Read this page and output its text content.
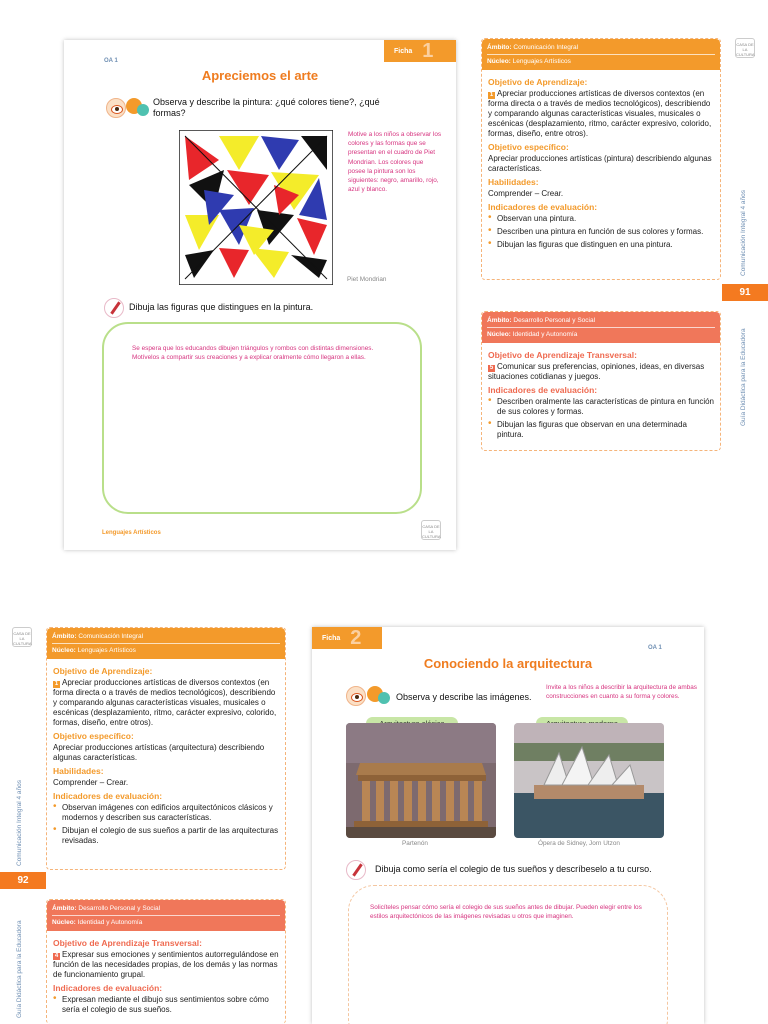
Ficha 1
OA 1
Apreciemos el arte
Observa y describe la pintura: ¿qué colores tiene?, ¿qué formas?
Motive a los niños a observar los colores y las formas que se presentan en el cuadro de Piet Mondrian. Los colores que posee la pintura son los siguientes: negro, amarillo, rojo, azul y blanco.
Piet Mondrian
Dibuja las figuras que distingues en la pintura.
Se espera que los educandos dibujen triángulos y rombos con distintas dimensiones. Motívelos a compartir sus creaciones y a explicar oralmente cómo llegaron a ellas.
Lenguajes Artísticos
CASA DE LA CULTURA
Ámbito: Comunicación Integral
Núcleo: Lenguajes Artísticos
Objetivo de Aprendizaje:
1 Apreciar producciones artísticas de diversos contextos (en forma directa o a través de medios tecnológicos), describiendo y comparando algunas características visuales, musicales o escénicas (desplazamiento, ritmo, carácter expresivo, colorido, formas, diseño, entre otros).
Objetivo específico:
Apreciar producciones artísticas (pintura) describiendo algunas características.
Habilidades:
Comprender – Crear.
Indicadores de evaluación:
• Observan una pintura.
• Describen una pintura en función de sus colores y formas.
• Dibujan las figuras que distinguen en una pintura.
Ámbito: Desarrollo Personal y Social
Núcleo: Identidad y Autonomía
Objetivo de Aprendizaje Transversal:
5 Comunicar sus preferencias, opiniones, ideas, en diversas situaciones cotidianas y juegos.
Indicadores de evaluación:
• Describen oralmente las características de pintura en función de sus colores y formas.
• Dibujan las figuras que observan en una determinada pintura.
CASA DE LA CULTURA
Comunicación Integral 4 años
91
Guía Didáctica para la Educadora
Ámbito: Comunicación Integral
Núcleo: Lenguajes Artísticos
Objetivo de Aprendizaje:
1 Apreciar producciones artísticas de diversos contextos (en forma directa o a través de medios tecnológicos), describiendo y comparando algunas características visuales, musicales o escénicas (desplazamiento, ritmo, carácter expresivo, colorido, formas, diseño, entre otros).
Objetivo específico:
Apreciar producciones artísticas (arquitectura) describiendo algunas características.
Habilidades:
Comprender – Crear.
Indicadores de evaluación:
• Observan imágenes con edificios arquitectónicos clásicos y modernos y describen sus características.
• Dibujan el colegio de sus sueños a partir de las arquitecturas revisadas.
Ámbito: Desarrollo Personal y Social
Núcleo: Identidad y Autonomía
Objetivo de Aprendizaje Transversal:
4 Expresar sus emociones y sentimientos autorregulándose en función de las necesidades propias, de los demás y las normas de funcionamiento grupal.
Indicadores de evaluación:
• Expresan mediante el dibujo sus sentimientos sobre cómo sería el colegio de sus sueños.
CASA DE LA CULTURA
Comunicación Integral 4 años
92
Guía Didáctica para la Educadora
Ficha 2	OA 1
Conociendo la arquitectura
Observa y describe las imágenes.
Invite a los niños a describir la arquitectura de ambas construcciones en cuanto a su forma y colores.
Partenón	Ópera de Sidney, Jorn Utzon
Dibuja como sería el colegio de tus sueños y descríbeselo a tu curso.
Solicíteles pensar cómo sería el colegio de sus sueños antes de dibujar. Pueden elegir entre los estilos arquitectónicos de las imágenes revisadas u otros que imaginen.
